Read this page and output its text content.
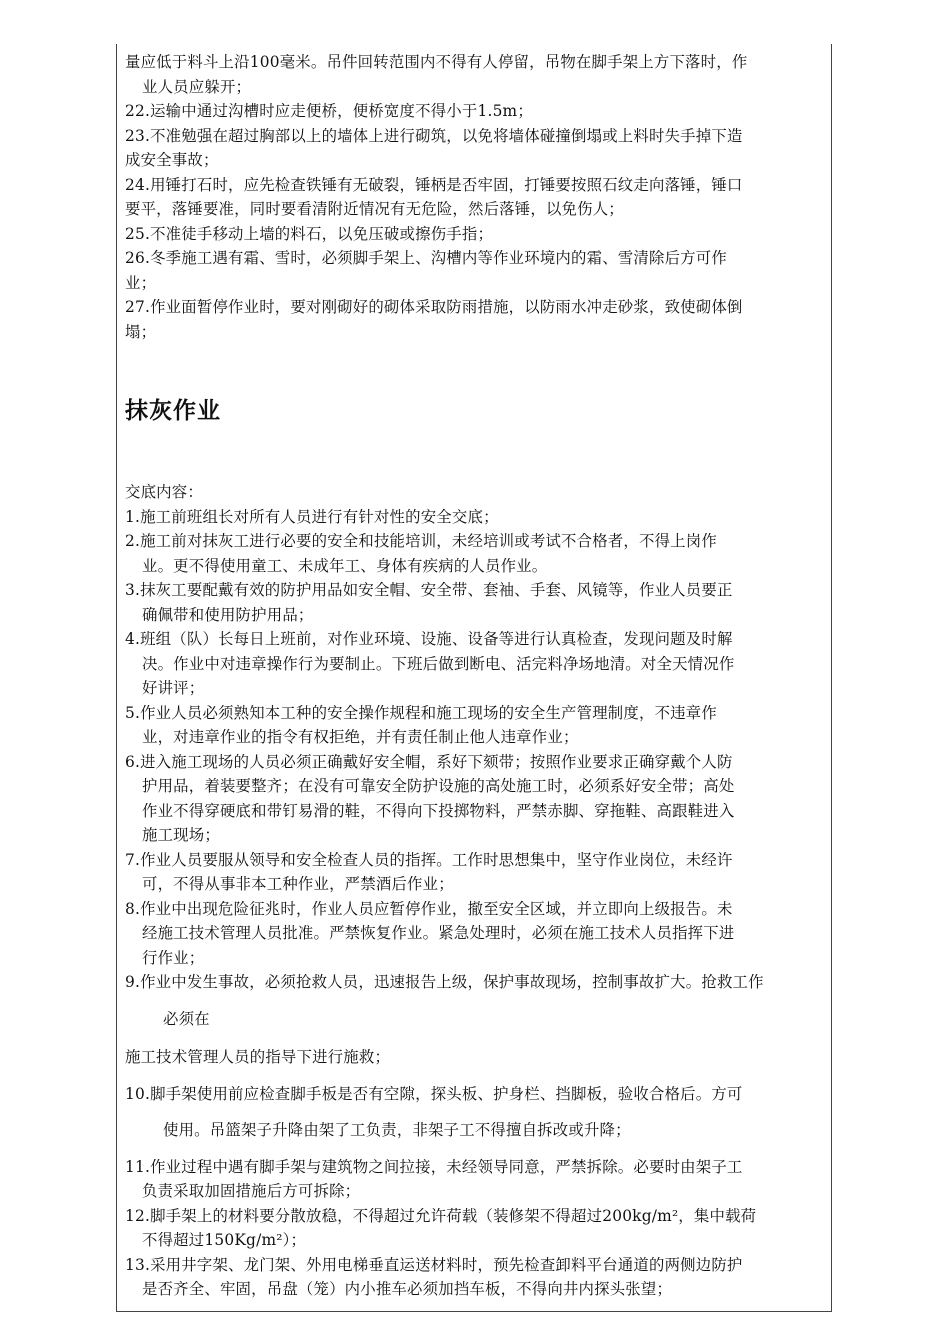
量应低于料斗上沿100毫米。吊件回转范围内不得有人停留，吊物在脚手架上方下落时，作
业人员应躲开；
22.运输中通过沟槽时应走便桥，便桥宽度不得小于1.5m；
23.不准勉强在超过胸部以上的墙体上进行砌筑，以免将墙体碰撞倒塌或上料时失手掉下造
成安全事故；
24.用锤打石时，应先检查铁锤有无破裂，锤柄是否牢固，打锤要按照石纹走向落锤，锤口
要平，落锤要准，同时要看清附近情况有无危险，然后落锤，以免伤人；
25.不准徒手移动上墙的料石，以免压破或擦伤手指；
26.冬季施工遇有霜、雪时，必须脚手架上、沟槽内等作业环境内的霜、雪清除后方可作
业；
27.作业面暂停作业时，要对刚砌好的砌体采取防雨措施，以防雨水冲走砂浆，致使砌体倒
塌；
抹灰作业
交底内容：
1.施工前班组长对所有人员进行有针对性的安全交底；
2.施工前对抹灰工进行必要的安全和技能培训，未经培训或考试不合格者，不得上岗作
业。更不得使用童工、未成年工、身体有疾病的人员作业。
3.抹灰工要配戴有效的防护用品如安全帽、安全带、套袖、手套、风镜等，作业人员要正
确佩带和使用防护用品；
4.班组（队）长每日上班前，对作业环境、设施、设备等进行认真检查，发现问题及时解
决。作业中对违章操作行为要制止。下班后做到断电、活完料净场地清。对全天情况作
好讲评；
5.作业人员必须熟知本工种的安全操作规程和施工现场的安全生产管理制度，不违章作
业，对违章作业的指令有权拒绝，并有责任制止他人违章作业；
6.进入施工现场的人员必须正确戴好安全帽，系好下颏带；按照作业要求正确穿戴个人防
护用品，着装要整齐；在没有可靠安全防护设施的高处施工时，必须系好安全带；高处
作业不得穿硬底和带钉易滑的鞋，不得向下投掷物料，严禁赤脚、穿拖鞋、高跟鞋进入
施工现场；
7.作业人员要服从领导和安全检查人员的指挥。工作时思想集中，坚守作业岗位，未经许
可，不得从事非本工种作业，严禁酒后作业；
8.作业中出现危险征兆时，作业人员应暂停作业，撤至安全区域，并立即向上级报告。未
经施工技术管理人员批准。严禁恢复作业。紧急处理时，必须在施工技术人员指挥下进
行作业；
9.作业中发生事故，必须抢救人员，迅速报告上级，保护事故现场，控制事故扩大。抢救工作
必须在
施工技术管理人员的指导下进行施救；
10.脚手架使用前应检查脚手板是否有空隙，探头板、护身栏、挡脚板，验收合格后。方可
使用。吊篮架子升降由架了工负责，非架子工不得擅自拆改或升降；
11.作业过程中遇有脚手架与建筑物之间拉接，未经领导同意，严禁拆除。必要时由架子工
负责采取加固措施后方可拆除；
12.脚手架上的材料要分散放稳，不得超过允许荷载（装修架不得超过200kg/m²，集中载荷
不得超过150Kg/m²）；
13.采用井字架、龙门架、外用电梯垂直运送材料时，预先检查卸料平台通道的两侧边防护
是否齐全、牢固，吊盘（笼）内小推车必须加挡车板，不得向井内探头张望；
